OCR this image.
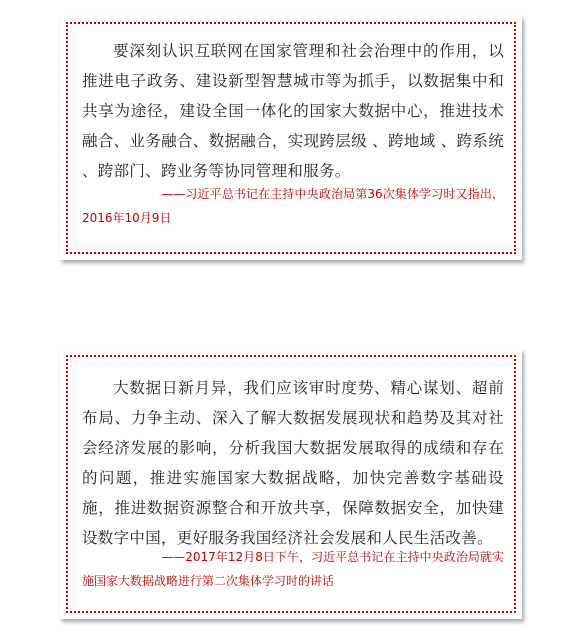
要深刻认识互联网在国家管理和社会治理中的作用，以推进电子政务、建设新型智慧城市等为抓手，以数据集中和共享为途径，建设全国一体化的国家大数据中心，推进技术融合、业务融合、数据融合，实现跨层级 、跨地域 、跨系统 、跨部门、跨业务等协同管理和服务。
——习近平总书记在主持中央政治局第36次集体学习时又指出，2016年10月9日
大数据日新月异，我们应该审时度势、精心谋划、超前布局、力争主动、深入了解大数据发展现状和趋势及其对社会经济发展的影响，分析我国大数据发展取得的成绩和存在的问题，推进实施国家大数据战略，加快完善数字基础设施，推进数据资源整合和开放共享，保障数据安全，加快建设数字中国，更好服务我国经济社会发展和人民生活改善。
——2017年12月8日下午，习近平总书记在主持中央政治局就实施国家大数据战略进行第二次集体学习时的讲话
